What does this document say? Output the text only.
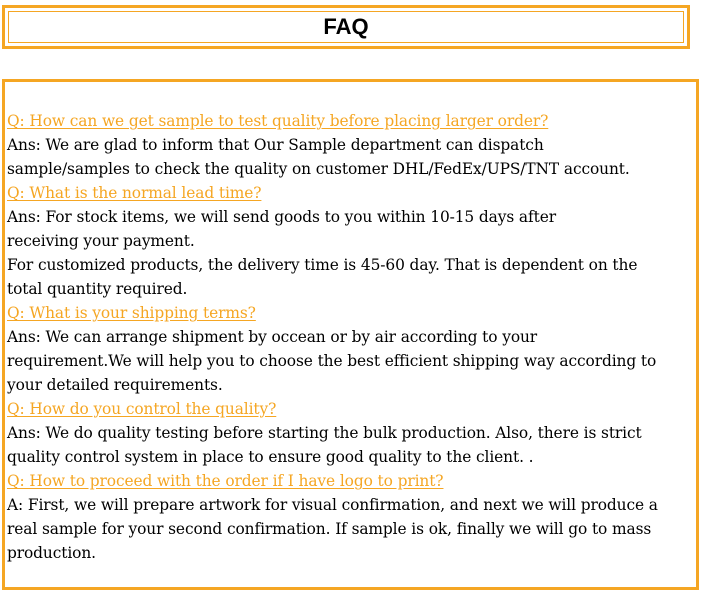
FAQ
Q: How can we get sample to test quality before placing larger order?
Ans: We are glad to inform that Our Sample department can dispatch
sample/samples to check the quality on customer DHL/FedEx/UPS/TNT account.
Q: What is the normal lead time?
Ans: For stock items, we will send goods to you within 10-15 days after
receiving your payment.
For customized products, the delivery time is 45-60 day. That is dependent on the
total quantity required.
Q: What is your shipping terms?
Ans: We can arrange shipment by occean or by air according to your
requirement.We will help you to choose the best efficient shipping way according to
your detailed requirements.
Q: How do you control the quality?
Ans: We do quality testing before starting the bulk production. Also, there is strict
quality control system in place to ensure good quality to the client. .
Q: How to proceed with the order if I have logo to print?
A: First, we will prepare artwork for visual confirmation, and next we will produce a
real sample for your second confirmation. If sample is ok, finally we will go to mass
production.
